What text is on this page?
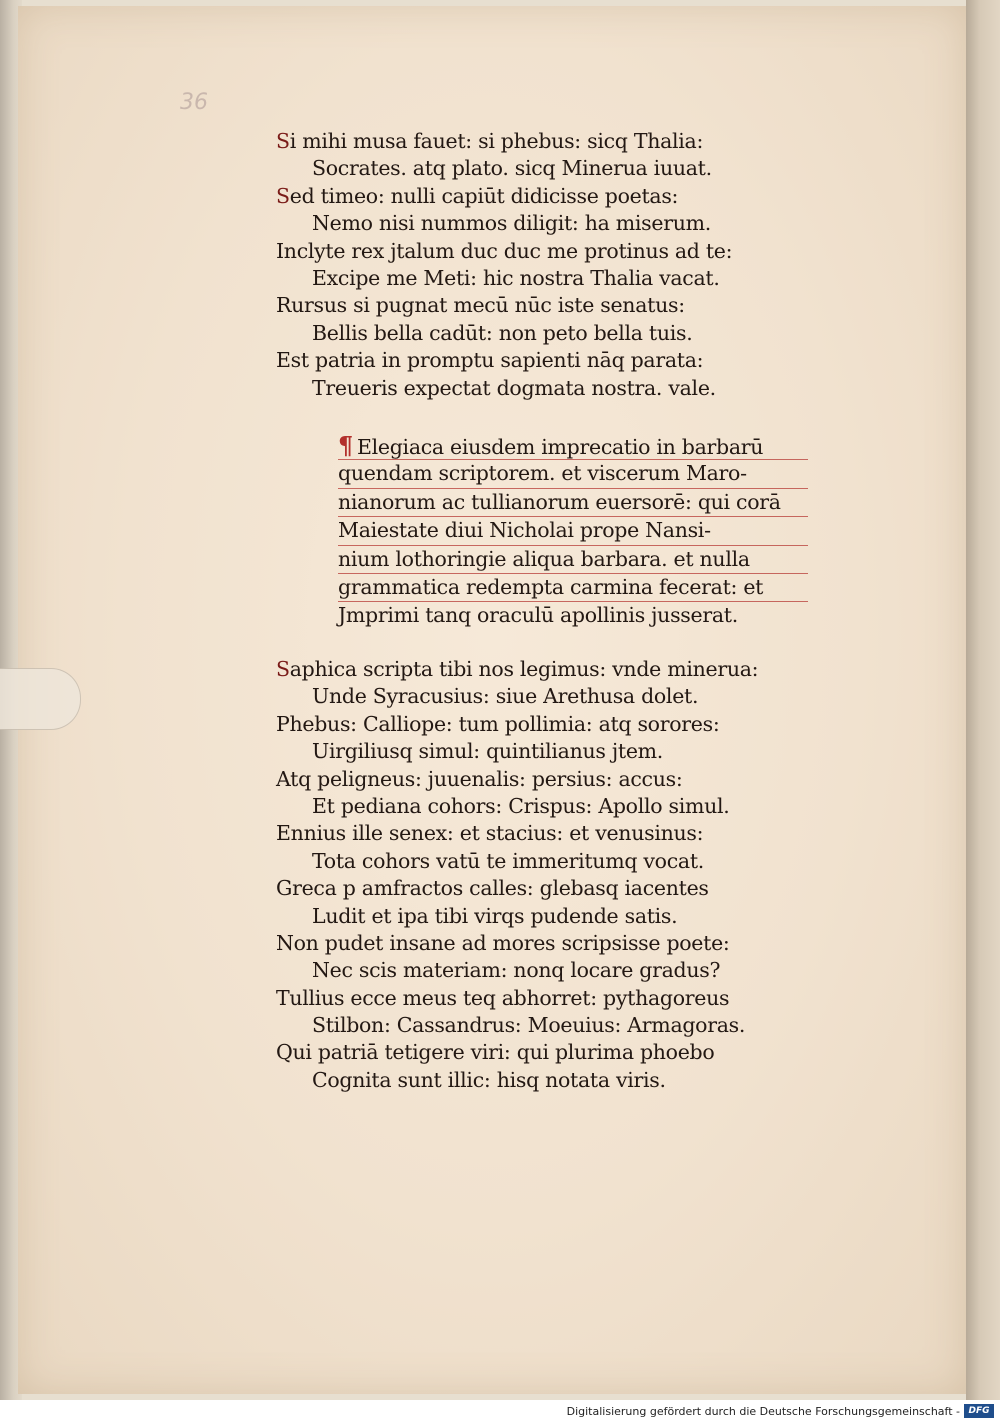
36
Si mihi musa fauet: si phebus: sicq Thalia:
Socrates. atq plato. sicq Minerua iuuat.
Sed timeo: nulli capiūt didicisse poetas:
Nemo nisi nummos diligit: ha miserum.
Inclyte rex jtalum duc duc me protinus ad te:
Excipe me Meti: hic nostra Thalia vacat.
Rursus si pugnat mecū nūc iste senatus:
Bellis bella cadūt: non peto bella tuis.
Est patria in promptu sapienti nāq parata:
Treueris expectat dogmata nostra. vale.
¶ Elegiaca eiusdem imprecatio in barbarū
quendam scriptorem. et viscerum Maro-
nianorum ac tullianorum euersorē: qui corā
Maiestate diui Nicholai prope Nansi-
nium lothoringie aliqua barbara. et nulla
grammatica redempta carmina fecerat: et
Jmprimi tanq oraculū apollinis jusserat.
Saphica scripta tibi nos legimus: vnde minerua:
Unde Syracusius: siue Arethusa dolet.
Phebus: Calliope: tum pollimia: atq sorores:
Uirgiliusq simul: quintilianus jtem.
Atq peligneus: juuenalis: persius: accus:
Et pediana cohors: Crispus: Apollo simul.
Ennius ille senex: et stacius: et venusinus:
Tota cohors vatū te immeritumq vocat.
Greca p amfractos calles: glebasq iacentes
Ludit et ipa tibi virqs pudende satis.
Non pudet insane ad mores scripsisse poete:
Nec scis materiam: nonq locare gradus?
Tullius ecce meus teq abhorret: pythagoreus
Stilbon: Cassandrus: Moeuius: Armagoras.
Qui patriā tetigere viri: qui plurima phoebo
Cognita sunt illic: hisq notata viris.
Digitalisierung gefördert durch die Deutsche Forschungsgemeinschaft - DFG
